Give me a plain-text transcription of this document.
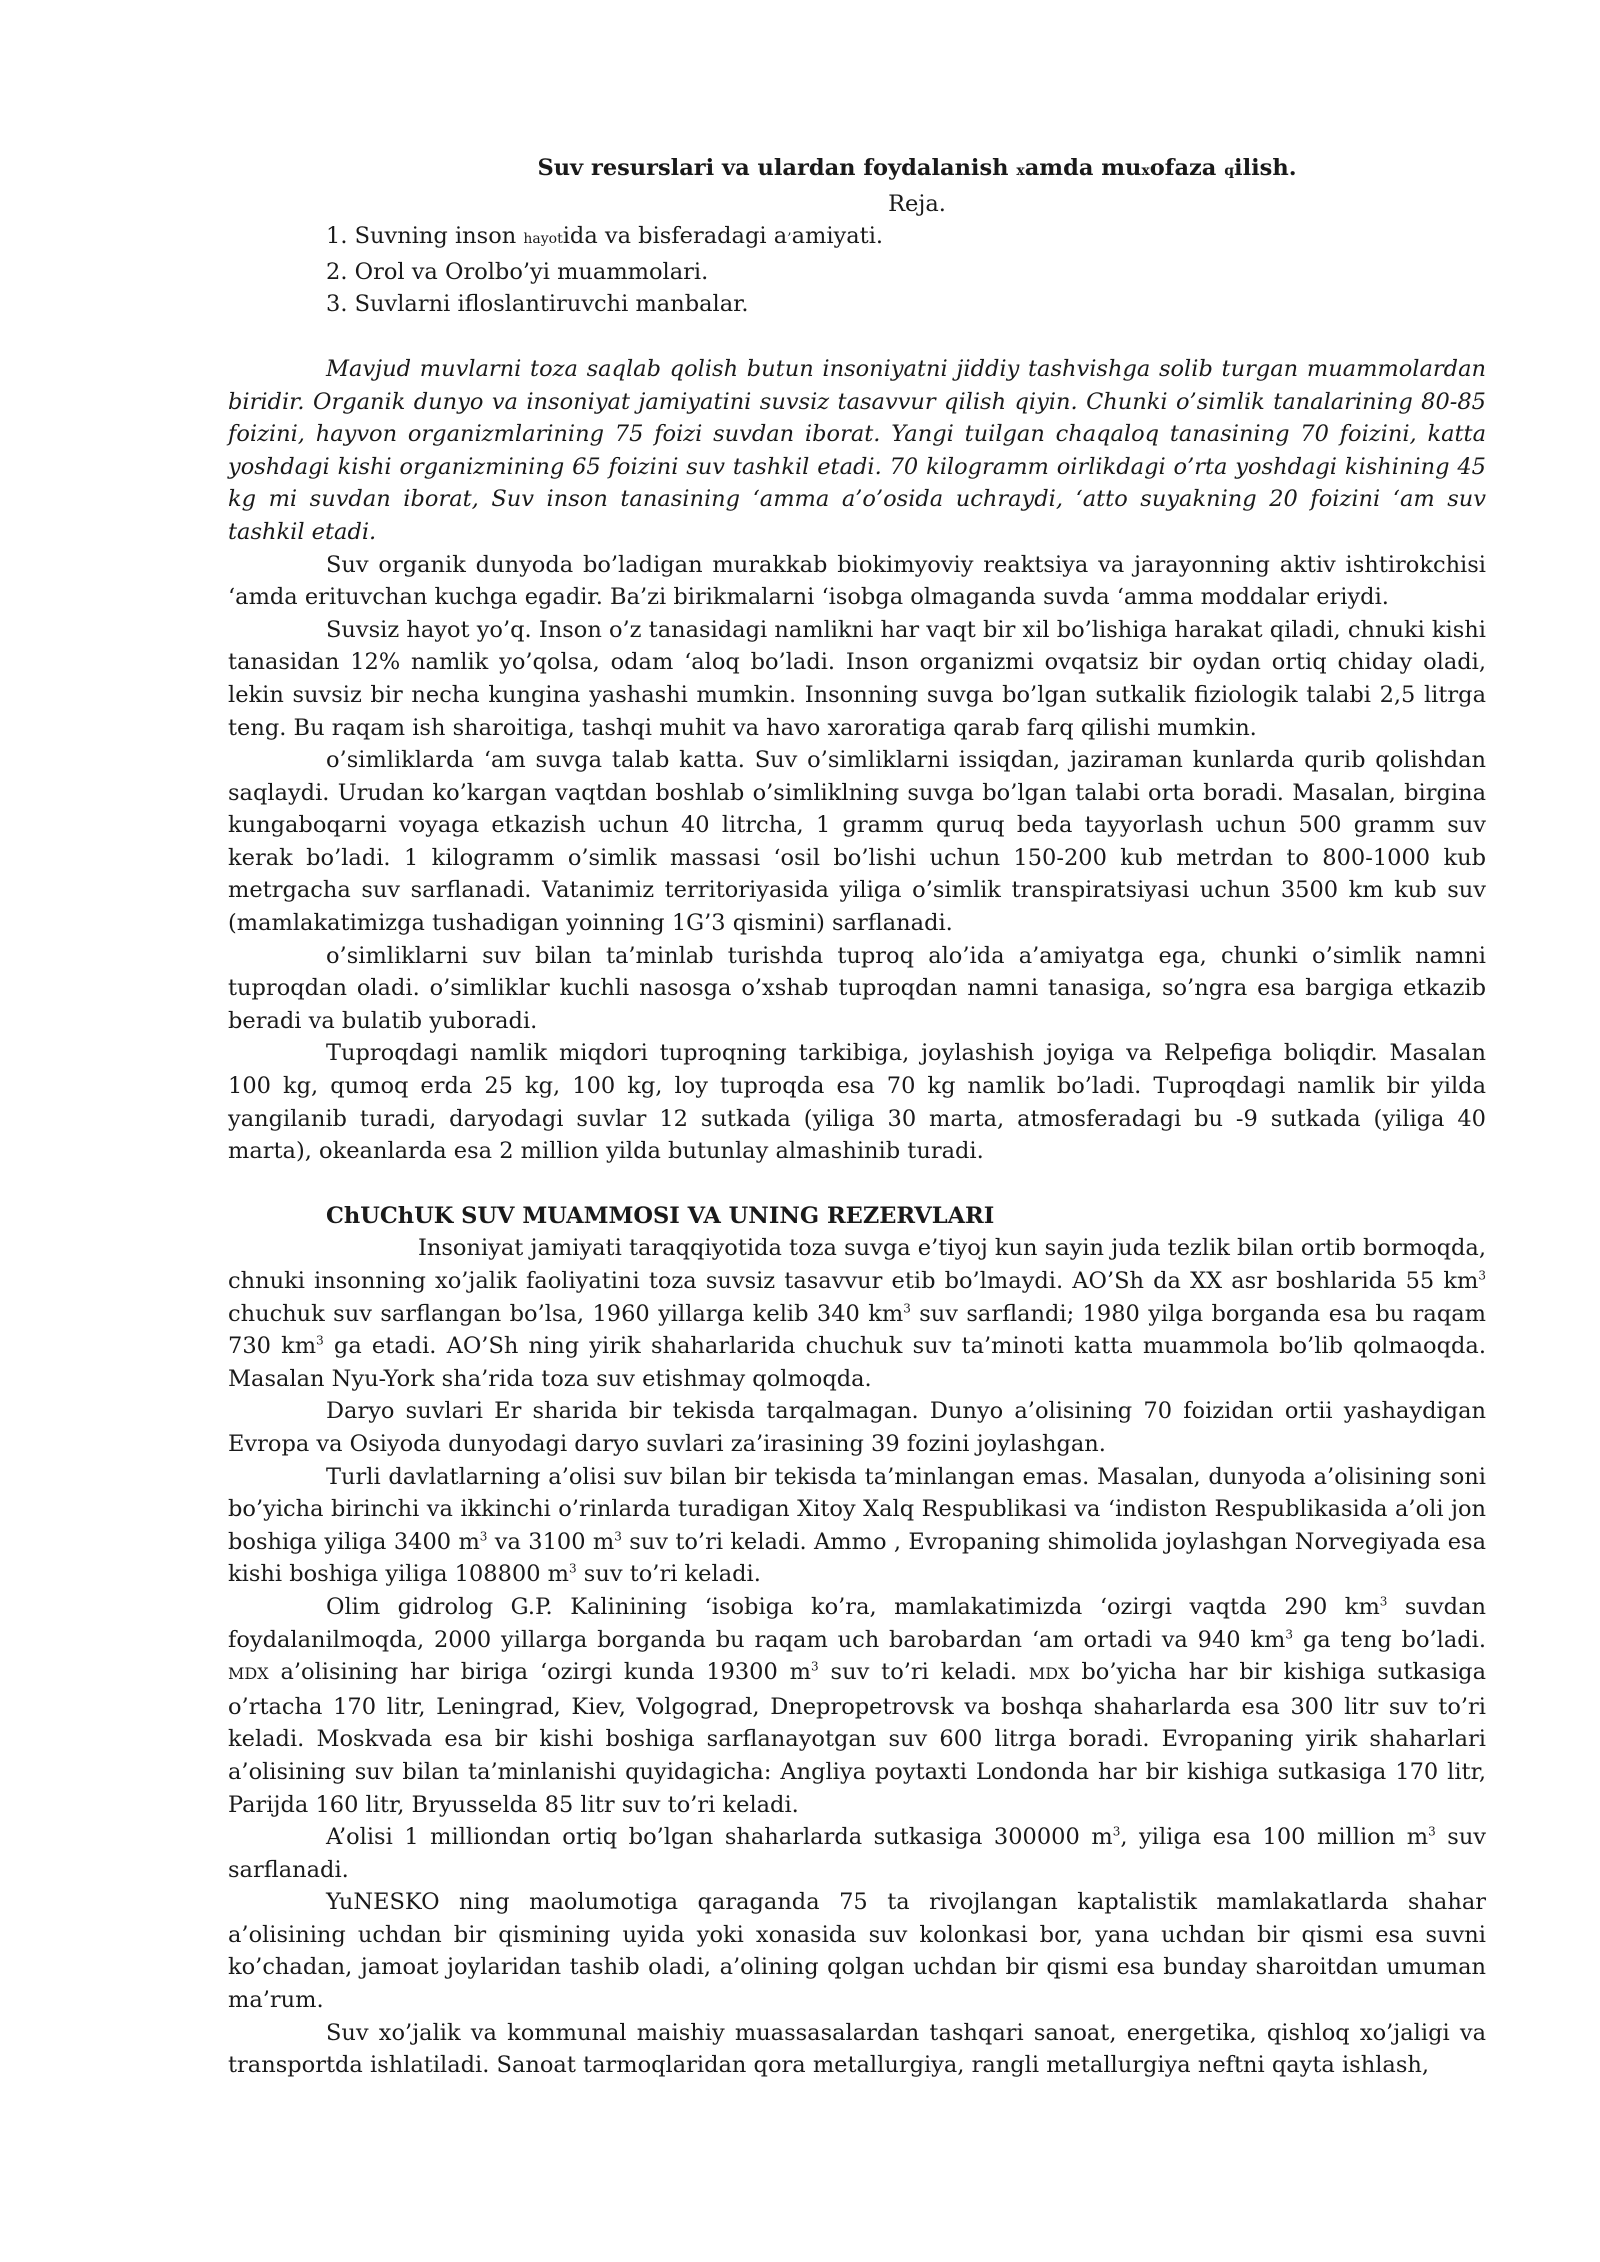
Suv resurslari va ulardan foydalanish xamda muxofaza qilish.

Reja.

1. Suvning inson hayotida va bisferadagi a’amiyati.
2. Orol va Orolbo’yi muammolari.
3. Suvlarni ifloslantiruvchi manbalar.

Mavjud muvlarni toza saqlab qolish butun insoniyatni jiddiy tashvishga solib turgan muammolardan biridir. Organik dunyo va insoniyat jamiyatini suvsiz tasavvur qilish qiyin. Chunki o’simlik tanalarining 80-85 foizini, hayvon organizmlarining 75 foizi suvdan iborat. Yangi tuilgan chaqaloq tanasining 70 foizini, katta yoshdagi kishi organizmining 65 foizini suv tashkil etadi. 70 kilogramm oirlikdagi o’rta yoshdagi kishining 45 kg mi suvdan iborat, Suv inson tanasining ‘amma a’o’osida uchraydi, ‘atto suyakning 20 foizini ‘am suv tashkil etadi.

Suv organik dunyoda bo’ladigan murakkab biokimyoviy reaktsiya va jarayonning aktiv ishtirokchisi ‘amda erituvchan kuchga egadir. Ba’zi birikmalarni ‘isobga olmaganda suvda ‘amma moddalar eriydi.

Suvsiz hayot yo’q. Inson o’z tanasidagi namlikni har vaqt bir xil bo’lishiga harakat qiladi, chnuki kishi tanasidan 12% namlik yo’qolsa, odam ‘aloq bo’ladi. Inson organizmi ovqatsiz bir oydan ortiq chiday oladi, lekin suvsiz bir necha kungina yashashi mumkin. Insonning suvga bo’lgan sutkalik fiziologik talabi 2,5 litrga teng. Bu raqam ish sharoitiga, tashqi muhit va havo xaroratiga qarab farq qilishi mumkin.

o’simliklarda ‘am suvga talab katta. Suv o’simliklarni issiqdan, jaziraman kunlarda qurib qolishdan saqlaydi. Urudan ko’kargan vaqtdan boshlab o’simliklning suvga bo’lgan talabi orta boradi. Masalan, birgina kungaboqarni voyaga etkazish uchun 40 litrcha, 1 gramm quruq beda tayyorlash uchun 500 gramm suv kerak bo’ladi. 1 kilogramm o’simlik massasi ‘osil bo’lishi uchun 150-200 kub metrdan to 800-1000 kub metrgacha suv sarflanadi. Vatanimiz territoriyasida yiliga o’simlik transpiratsiyasi uchun 3500 km kub suv (mamlakatimizga tushadigan yoinning 1G’3 qismini) sarflanadi.

o’simliklarni suv bilan ta’minlab turishda tuproq alo’ida a’amiyatga ega, chunki o’simlik namni tuproqdan oladi. o’simliklar kuchli nasosga o’xshab tuproqdan namni tanasiga, so’ngra esa bargiga etkazib beradi va bulatib yuboradi.

Tuproqdagi namlik miqdori tuproqning tarkibiga, joylashish joyiga va Relpefiga boliqdir. Masalan 100 kg, qumoq erda 25 kg, 100 kg, loy tuproqda esa 70 kg namlik bo’ladi. Tuproqdagi namlik bir yilda yangilanib turadi, daryodagi suvlar 12 sutkada (yiliga 30 marta, atmosferadagi bu -9 sutkada (yiliga 40 marta), okeanlarda esa 2 million yilda butunlay almashinib turadi.

ChUChUK SUV MUAMMOSI VA UNING REZERVLARI

Insoniyat jamiyati taraqqiyotida toza suvga e’tiyoj kun sayin juda tezlik bilan ortib bormoqda, chnuki insonning xo’jalik faoliyatini toza suvsiz tasavvur etib bo’lmaydi. AO’Sh da XX asr boshlarida 55 $km^3$ chuchuk suv sarflangan bo’lsa, 1960 yillarga kelib 340 $km^3$ suv sarflandi; 1980 yilga borganda esa bu raqam 730 $km^3$ ga etadi. AO’Sh ning yirik shaharlarida chuchuk suv ta’minoti katta muammola bo’lib qolmaoqda. Masalan Nyu-York sha’rida toza suv etishmay qolmoqda.

Daryo suvlari Er sharida bir tekisda tarqalmagan. Dunyo a’olisining 70 foizidan ortii yashaydigan Evropa va Osiyoda dunyodagi daryo suvlari za’irasining 39 fozini joylashgan.

Turli davlatlarning a’olisi suv bilan bir tekisda ta’minlangan emas. Masalan, dunyoda a’olisining soni bo’yicha birinchi va ikkinchi o’rinlarda turadigan Xitoy Xalq Respublikasi va ‘indiston Respublikasida a’oli jon boshiga yiliga 3400 $m^3$ va 3100 $m^3$ suv to’ri keladi. Ammo , Evropaning shimolida joylashgan Norvegiyada esa kishi boshiga yiliga 108800 $m^3$ suv to’ri keladi.

Olim gidrolog G.P. Kalinining ‘isobiga ko’ra, mamlakatimizda ‘ozirgi vaqtda 290 $km^3$ suvdan foydalanilmoqda, 2000 yillarga borganda bu raqam uch barobardan ‘am ortadi va 940 $km^3$ ga teng bo’ladi. MDX a’olisining har biriga ‘ozirgi kunda 19300 $m^3$ suv to’ri keladi. MDX bo’yicha har bir kishiga sutkasiga o’rtacha 170 litr, Leningrad, Kiev, Volgograd, Dnepropetrovsk va boshqa shaharlarda esa 300 litr suv to’ri keladi. Moskvada esa bir kishi boshiga sarflanayotgan suv 600 litrga boradi. Evropaning yirik shaharlari a’olisining suv bilan ta’minlanishi quyidagicha: Angliya poytaxti Londonda har bir kishiga sutkasiga 170 litr, Parijda 160 litr, Bryusselda 85 litr suv to’ri keladi.

A’olisi 1 milliondan ortiq bo’lgan shaharlarda sutkasiga 300000 $m^3$, yiliga esa 100 million $m^3$ suv sarflanadi.

YuNESKO ning maolumotiga qaraganda 75 ta rivojlangan kaptalistik mamlakatlarda shahar a’olisining uchdan bir qismining uyida yoki xonasida suv kolonkasi bor, yana uchdan bir qismi esa suvni ko’chadan, jamoat joylaridan tashib oladi, a’olining qolgan uchdan bir qismi esa bunday sharoitdan umuman ma’rum.

Suv xo’jalik va kommunal maishiy muassasalardan tashqari sanoat, energetika, qishloq xo’jaligi va transportda ishlatiladi. Sanoat tarmoqlaridan qora metallurgiya, rangli metallurgiya neftni qayta ishlash,
